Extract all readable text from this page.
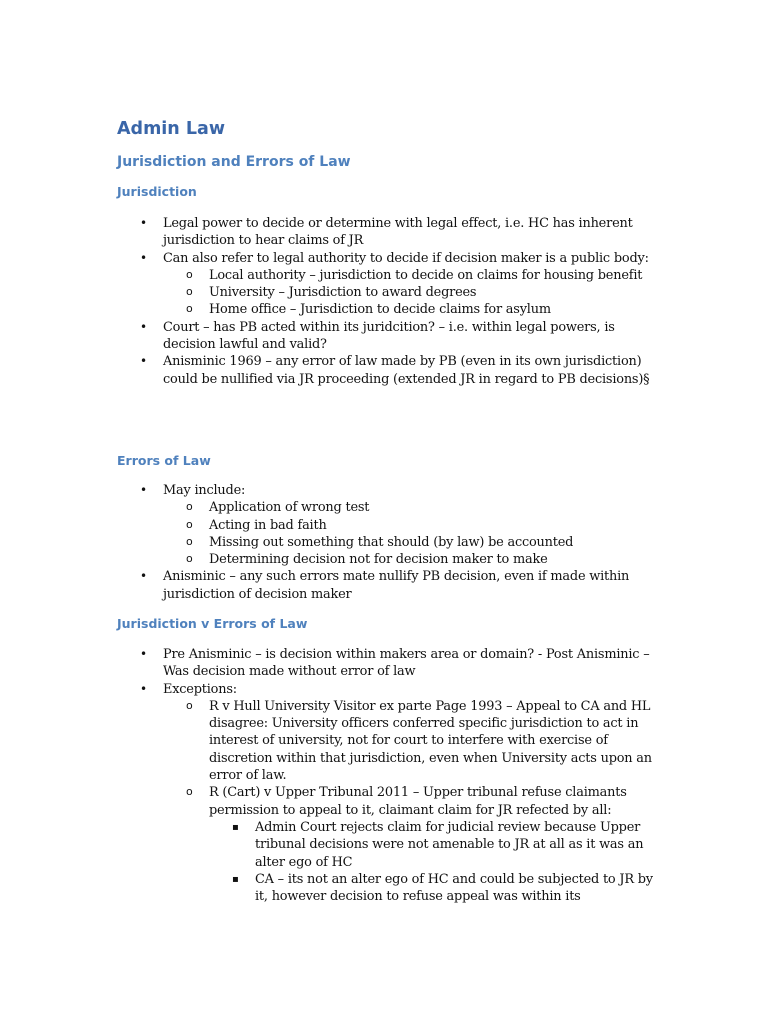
Admin Law
Jurisdiction and Errors of Law
Jurisdiction
• Legal power to decide or determine with legal effect, i.e. HC has inherent jurisdiction to hear claims of JR
• Can also refer to legal authority to decide if decision maker is a public body:
o Local authority – jurisdiction to decide on claims for housing benefit
o University – Jurisdiction to award degrees
o Home office – Jurisdiction to decide claims for asylum
• Court – has PB acted within its juridcition? – i.e. within legal powers, is decision lawful and valid?
• Anisminic 1969 – any error of law made by PB (even in its own jurisdiction) could be nullified via JR proceeding (extended JR in regard to PB decisions)§
Errors of Law
• May include:
o Application of wrong test
o Acting in bad faith
o Missing out something that should (by law) be accounted
o Determining decision not for decision maker to make
• Anisminic – any such errors mate nullify PB decision, even if made within jurisdiction of decision maker
Jurisdiction v Errors of Law
• Pre Anisminic – is decision within makers area or domain? - Post Anisminic – Was decision made without error of law
• Exceptions:
o R v Hull University Visitor ex parte Page 1993 – Appeal to CA and HL disagree: University officers conferred specific jurisdiction to act in interest of university, not for court to interfere with exercise of discretion within that jurisdiction, even when University acts upon an error of law.
o R (Cart) v Upper Tribunal 2011 – Upper tribunal refuse claimants permission to appeal to it, claimant claim for JR refected by all:
▪ Admin Court rejects claim for judicial review because Upper tribunal decisions were not amenable to JR at all as it was an alter ego of HC
▪ CA – its not an alter ego of HC and could be subjected to JR by it, however decision to refuse appeal was within its
